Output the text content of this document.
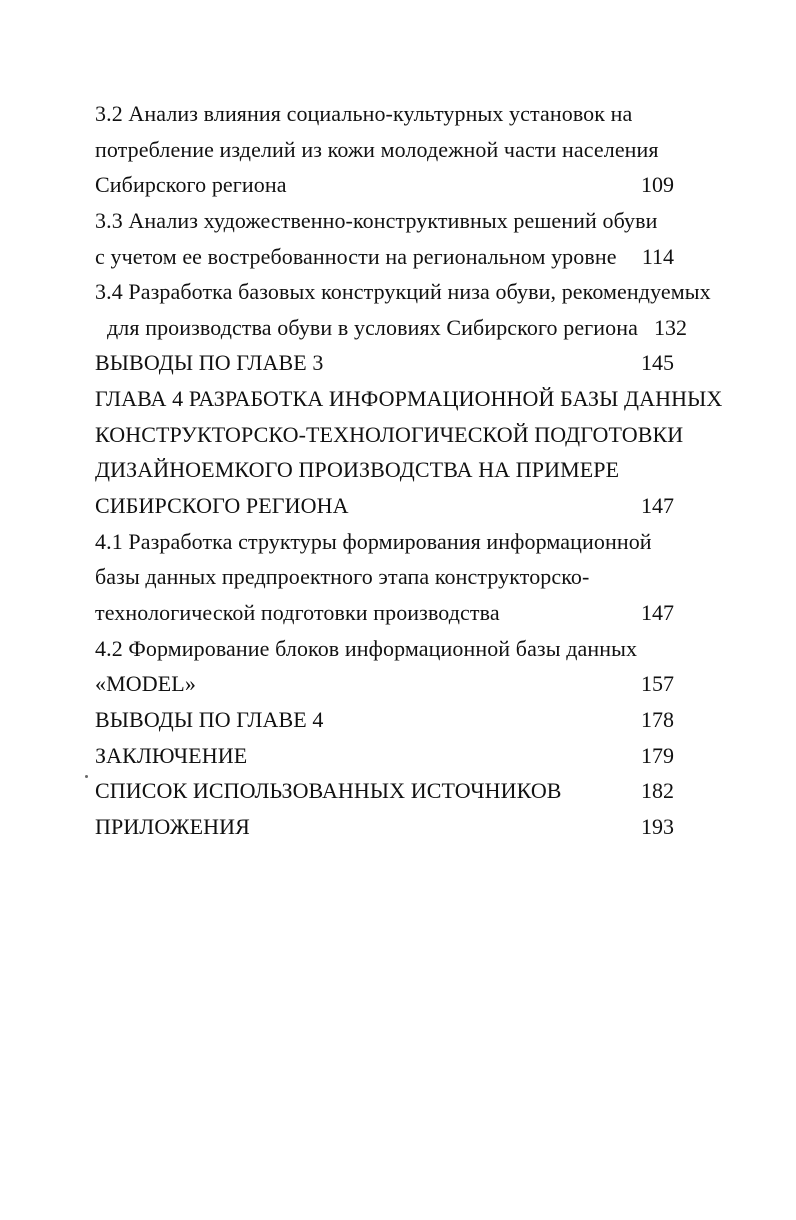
3.2 Анализ влияния социально-культурных установок на
потребление изделий из кожи молодежной части населения
Сибирского региона	109
3.3 Анализ художественно-конструктивных решений обуви
с учетом ее востребованности на региональном уровне 114
3.4 Разработка базовых конструкций низа обуви, рекомендуемых
для производства обуви в условиях Сибирского региона 132
ВЫВОДЫ ПО ГЛАВЕ 3	145
ГЛАВА 4 РАЗРАБОТКА ИНФОРМАЦИОННОЙ БАЗЫ ДАННЫХ
КОНСТРУКТОРСКО-ТЕХНОЛОГИЧЕСКОЙ ПОДГОТОВКИ
ДИЗАЙНОЕМКОГО ПРОИЗВОДСТВА НА ПРИМЕРЕ
СИБИРСКОГО РЕГИОНА	147
4.1 Разработка структуры формирования информационной
базы данных предпроектного этапа конструкторско-
технологической подготовки производства	147
4.2 Формирование блоков информационной базы данных
«MODEL»	157
ВЫВОДЫ ПО ГЛАВЕ 4	178
ЗАКЛЮЧЕНИЕ	179
СПИСОК ИСПОЛЬЗОВАННЫХ ИСТОЧНИКОВ	182
ПРИЛОЖЕНИЯ	193
